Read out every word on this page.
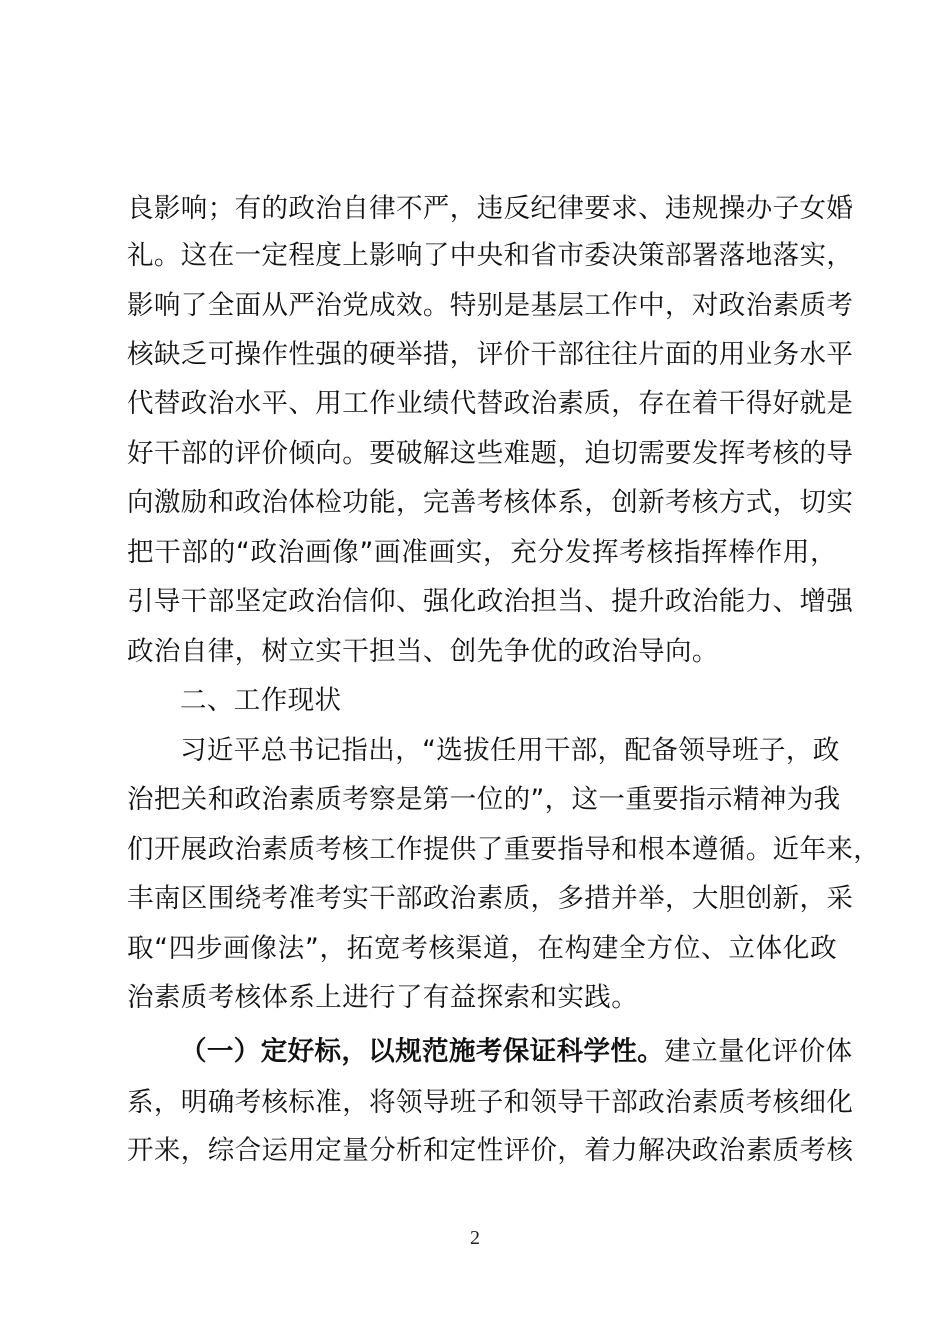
良影响；有的政治自律不严，违反纪律要求、违规操办子女婚
礼。这在一定程度上影响了中央和省市委决策部署落地落实，
影响了全面从严治党成效。特别是基层工作中，对政治素质考
核缺乏可操作性强的硬举措，评价干部往往片面的用业务水平
代替政治水平、用工作业绩代替政治素质，存在着干得好就是
好干部的评价倾向。要破解这些难题，迫切需要发挥考核的导
向激励和政治体检功能，完善考核体系，创新考核方式，切实
把干部的“政治画像”画准画实，充分发挥考核指挥棒作用，
引导干部坚定政治信仰、强化政治担当、提升政治能力、增强
政治自律，树立实干担当、创先争优的政治导向。
二、工作现状
习近平总书记指出，“选拔任用干部，配备领导班子，政
治把关和政治素质考察是第一位的”，这一重要指示精神为我
们开展政治素质考核工作提供了重要指导和根本遵循。近年来，
丰南区围绕考准考实干部政治素质，多措并举，大胆创新，采
取“四步画像法”，拓宽考核渠道，在构建全方位、立体化政
治素质考核体系上进行了有益探索和实践。
（一）定好标，以规范施考保证科学性。建立量化评价体
系，明确考核标准，将领导班子和领导干部政治素质考核细化
开来，综合运用定量分析和定性评价，着力解决政治素质考核
2
